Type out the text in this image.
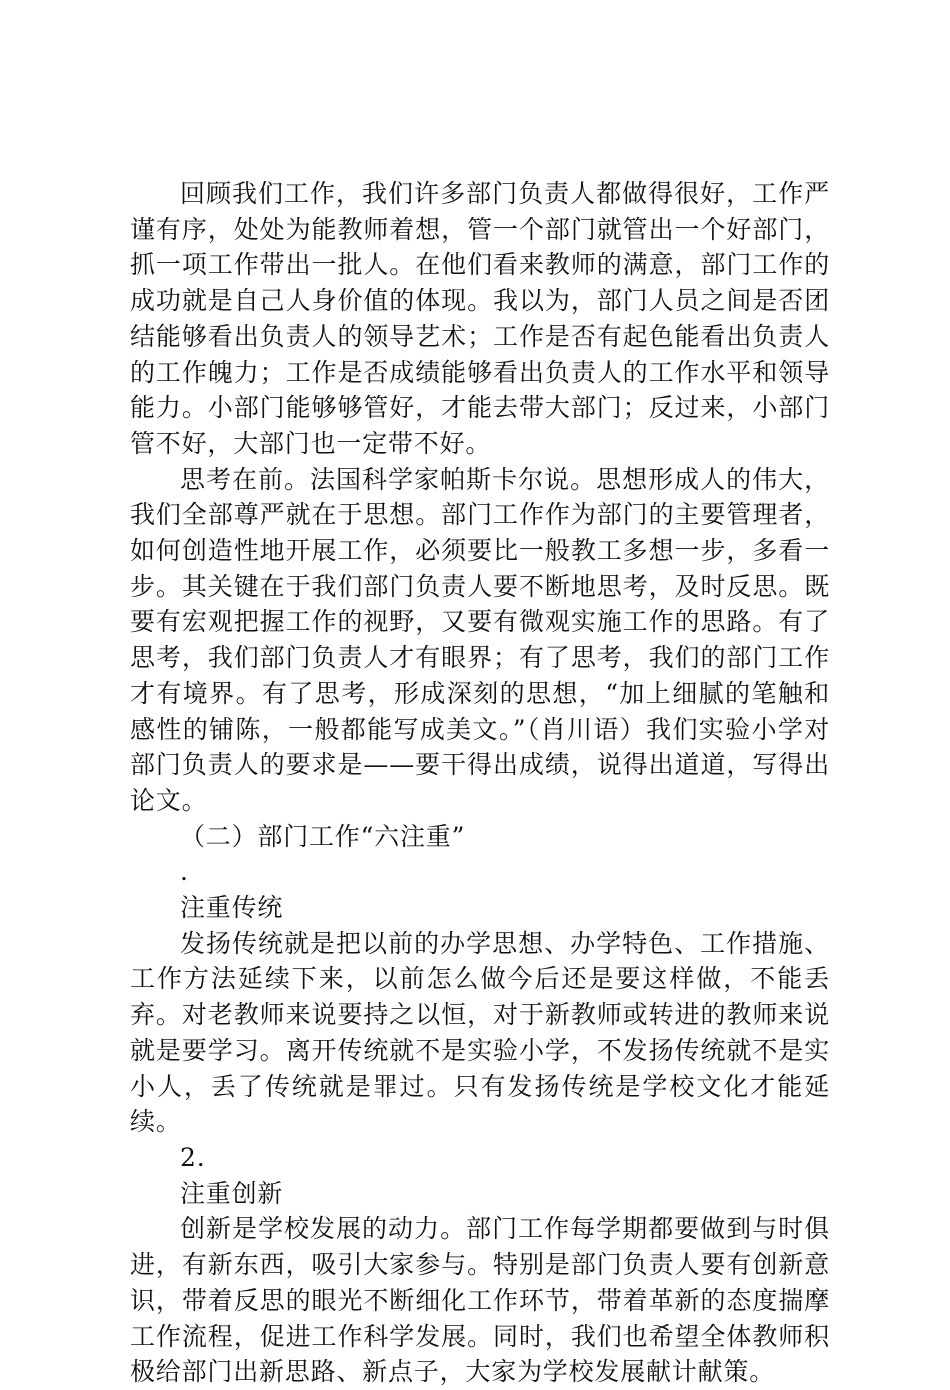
回顾我们工作，我们许多部门负责人都做得很好，工作严谨有序，处处为能教师着想，管一个部门就管出一个好部门，抓一项工作带出一批人。在他们看来教师的满意，部门工作的成功就是自己人身价值的体现。我以为，部门人员之间是否团结能够看出负责人的领导艺术；工作是否有起色能看出负责人的工作魄力；工作是否成绩能够看出负责人的工作水平和领导能力。小部门能够够管好，才能去带大部门；反过来，小部门管不好，大部门也一定带不好。

思考在前。法国科学家帕斯卡尔说。思想形成人的伟大，我们全部尊严就在于思想。部门工作作为部门的主要管理者，如何创造性地开展工作，必须要比一般教工多想一步，多看一步。其关键在于我们部门负责人要不断地思考，及时反思。既要有宏观把握工作的视野，又要有微观实施工作的思路。有了思考，我们部门负责人才有眼界；有了思考，我们的部门工作才有境界。有了思考，形成深刻的思想，“加上细腻的笔触和感性的铺陈，一般都能写成美文。”（肖川语）我们实验小学对部门负责人的要求是——要干得出成绩，说得出道道，写得出论文。

（二）部门工作“六注重”

.

注重传统

发扬传统就是把以前的办学思想、办学特色、工作措施、工作方法延续下来，以前怎么做今后还是要这样做，不能丢弃。对老教师来说要持之以恒，对于新教师或转进的教师来说就是要学习。离开传统就不是实验小学，不发扬传统就不是实小人，丢了传统就是罪过。只有发扬传统是学校文化才能延续。

2.

注重创新

创新是学校发展的动力。部门工作每学期都要做到与时俱进，有新东西，吸引大家参与。特别是部门负责人要有创新意识，带着反思的眼光不断细化工作环节，带着革新的态度揣摩工作流程，促进工作科学发展。同时，我们也希望全体教师积极给部门出新思路、新点子，大家为学校发展献计献策。
